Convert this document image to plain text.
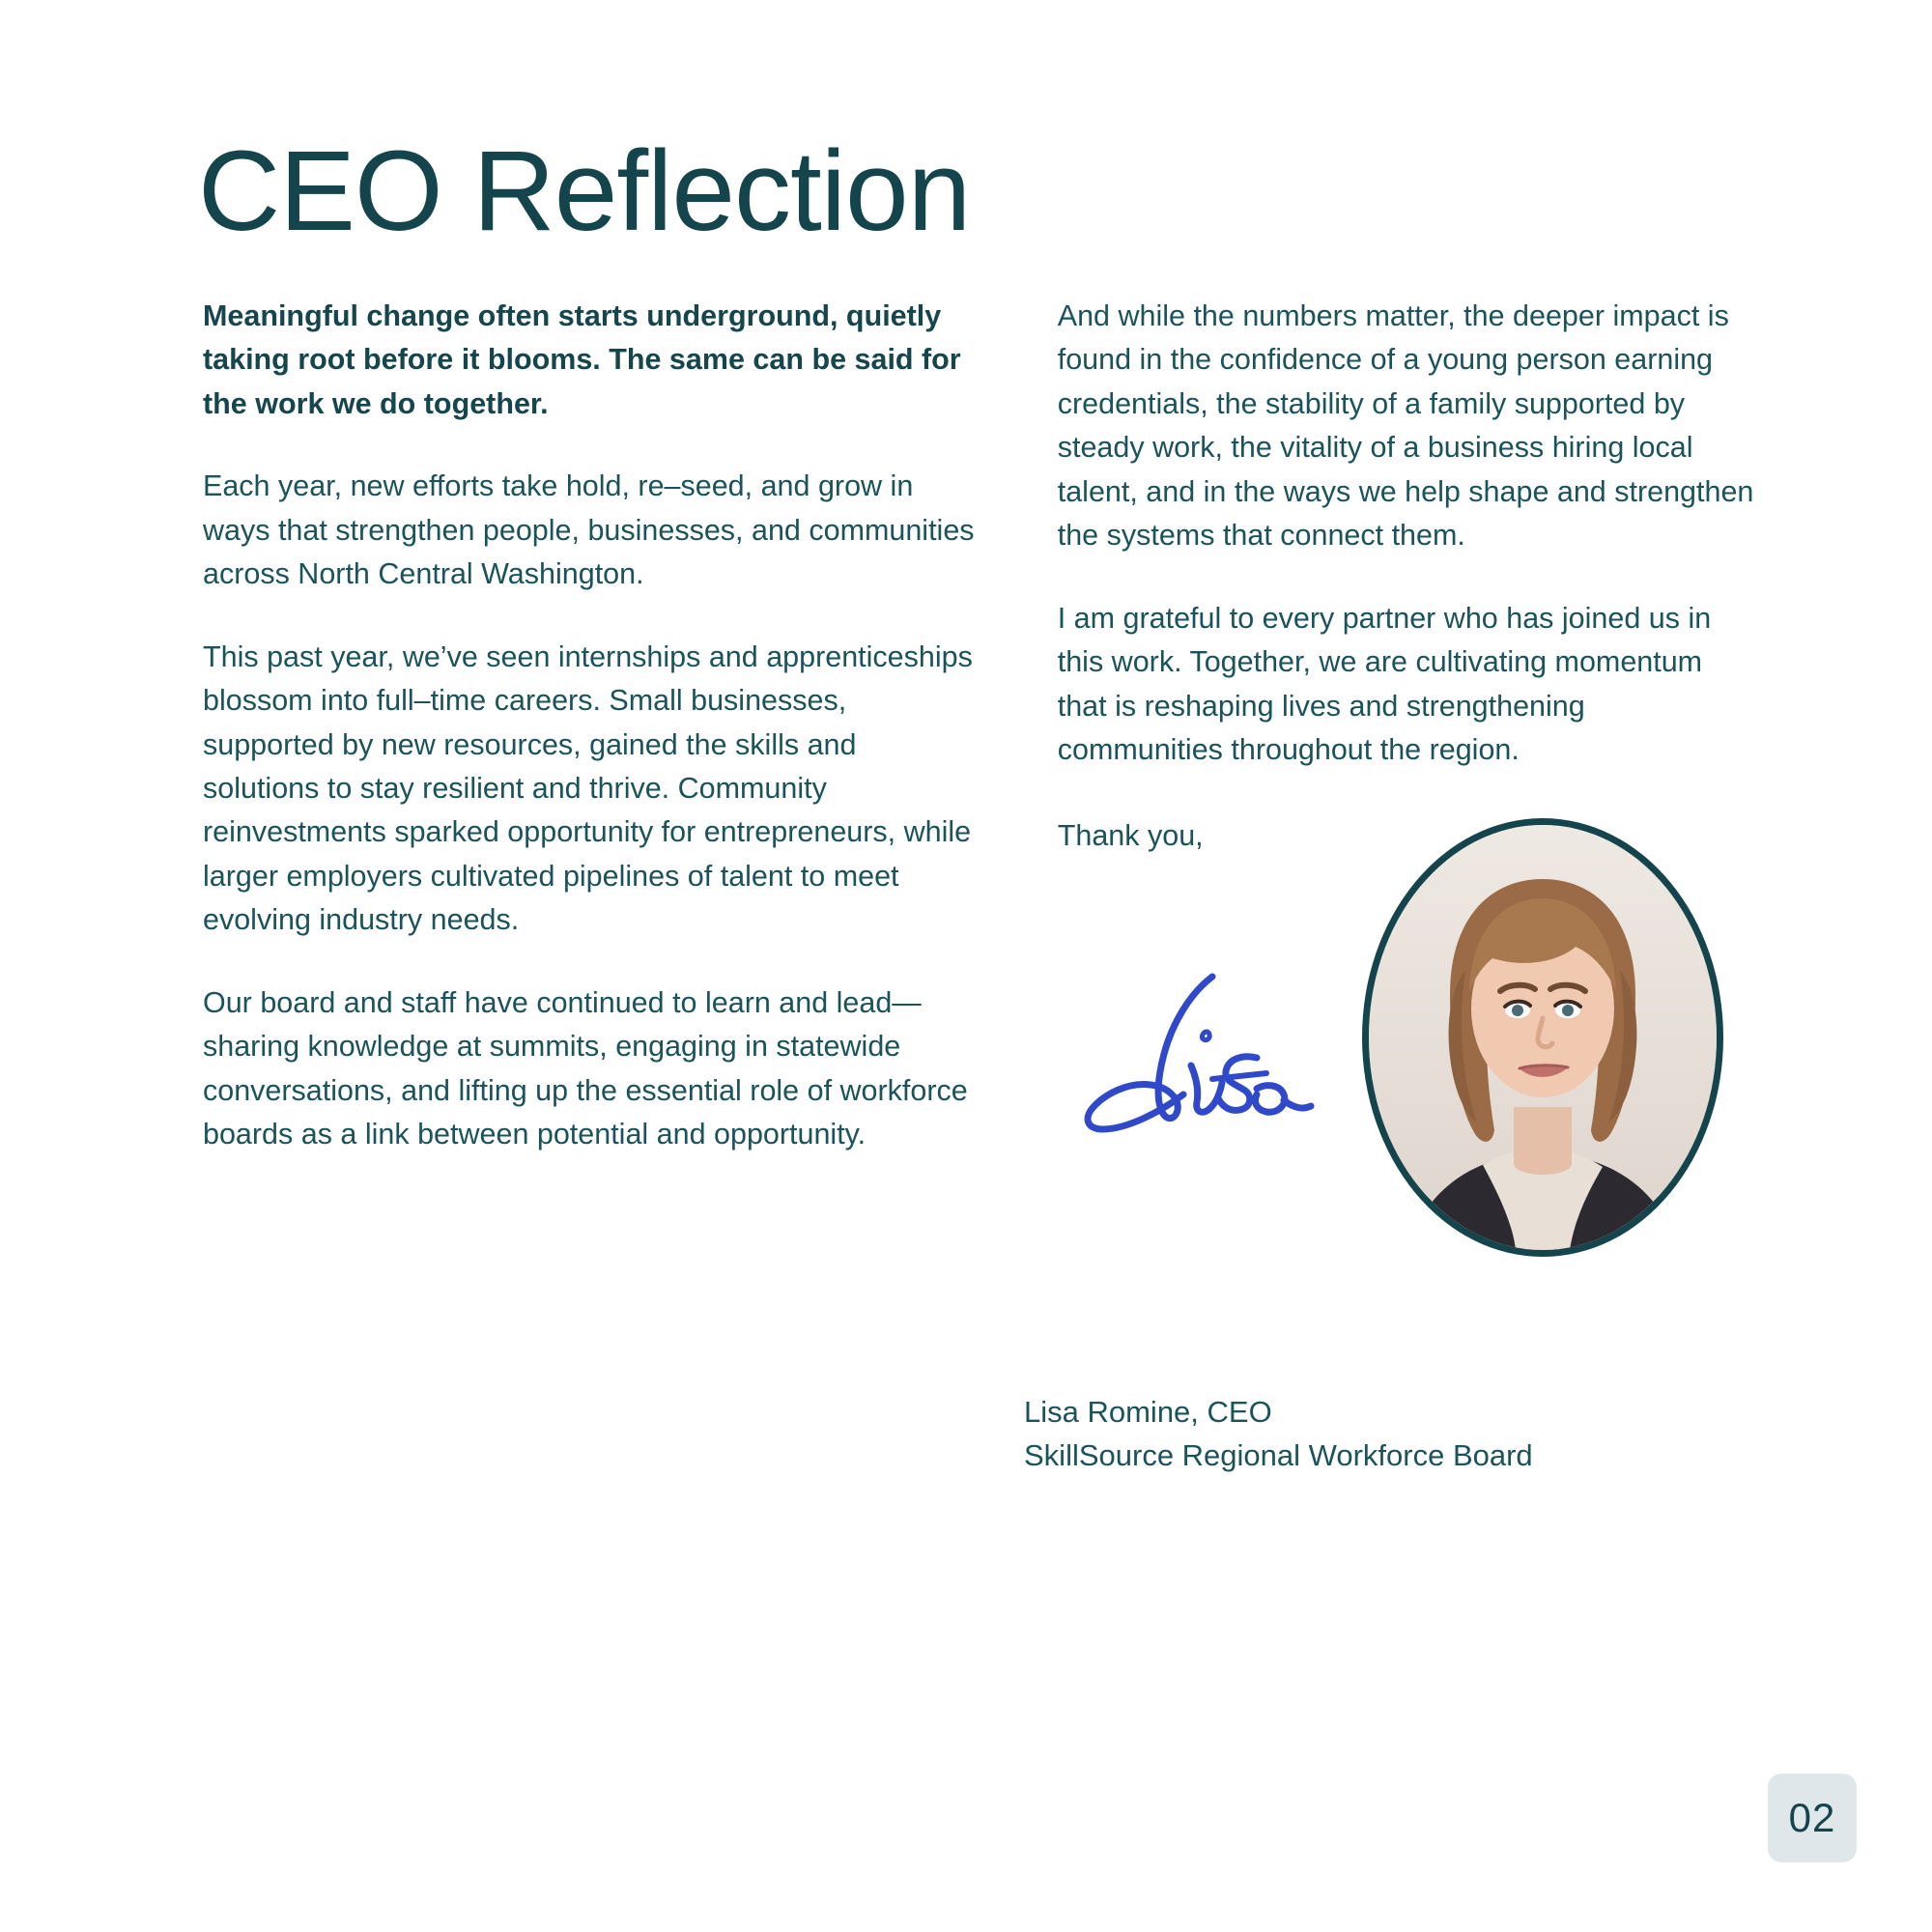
CEO Reflection

Meaningful change often starts underground, quietly taking root before it blooms. The same can be said for the work we do together.

Each year, new efforts take hold, re–seed, and grow in ways that strengthen people, businesses, and communities across North Central Washington.

This past year, we’ve seen internships and apprenticeships blossom into full–time careers. Small businesses, supported by new resources, gained the skills and solutions to stay resilient and thrive. Community reinvestments sparked opportunity for entrepreneurs, while larger employers cultivated pipelines of talent to meet evolving industry needs.

Our board and staff have continued to learn and lead—sharing knowledge at summits, engaging in statewide conversations, and lifting up the essential role of workforce boards as a link between potential and opportunity.

And while the numbers matter, the deeper impact is found in the confidence of a young person earning credentials, the stability of a family supported by steady work, the vitality of a business hiring local talent, and in the ways we help shape and strengthen the systems that connect them.

I am grateful to every partner who has joined us in this work. Together, we are cultivating momentum that is reshaping lives and strengthening communities throughout the region.

Thank you,

Lisa Romine, CEO
SkillSource Regional Workforce Board
02
